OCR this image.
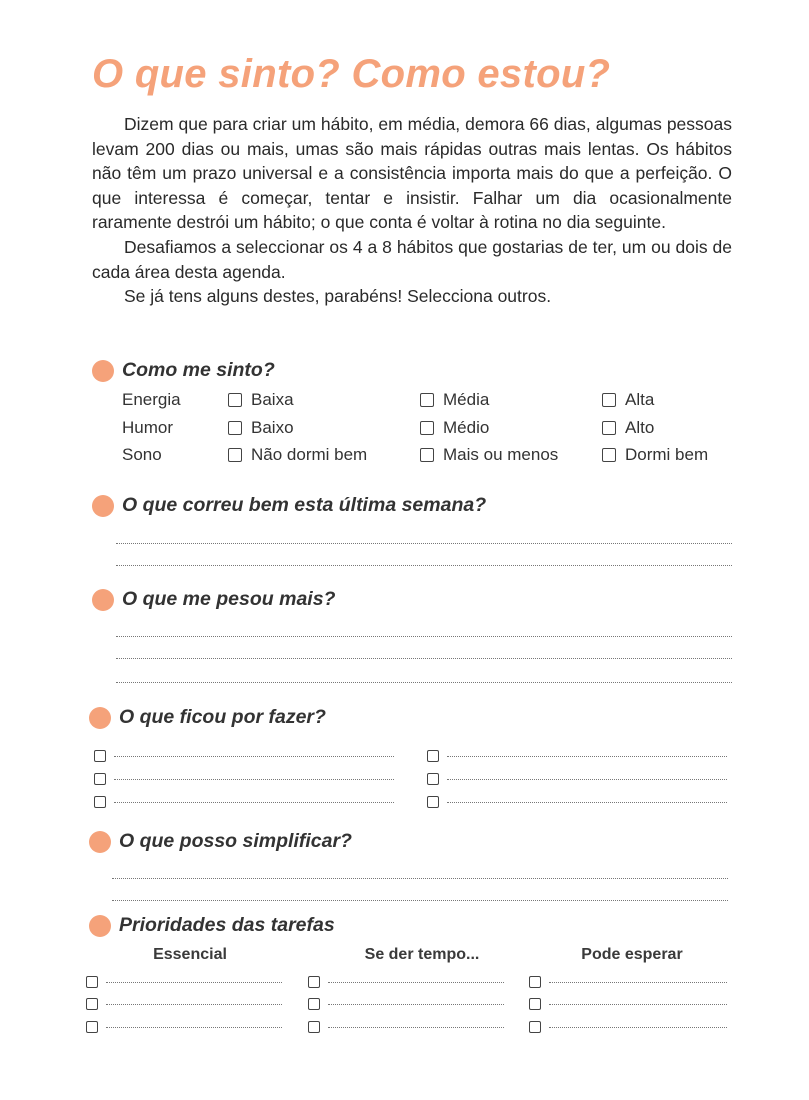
O que sinto? Como estou?

Dizem que para criar um hábito, em média, demora 66 dias, algumas pessoas levam 200 dias ou mais, umas são mais rápidas outras mais lentas. Os hábitos não têm um prazo universal e a consistência importa mais do que a perfeição. O que interessa é começar, tentar e insistir. Falhar um dia ocasionalmente raramente destrói um hábito; o que conta é voltar à rotina no dia seguinte.

Desafiamos a seleccionar os 4 a 8 hábitos que gostarias de ter, um ou dois de cada área desta agenda.

Se já tens alguns destes, parabéns! Selecciona outros.

Como me sinto?
Energia	Baixa	Média	Alta
Humor	Baixo	Médio	Alto
Sono	Não dormi bem	Mais ou menos	Dormi bem
O que correu bem esta última semana?
O que me pesou mais?
O que ficou por fazer?
O que posso simplificar?
Prioridades das tarefas
Essencial	Se der tempo...	Pode esperar
